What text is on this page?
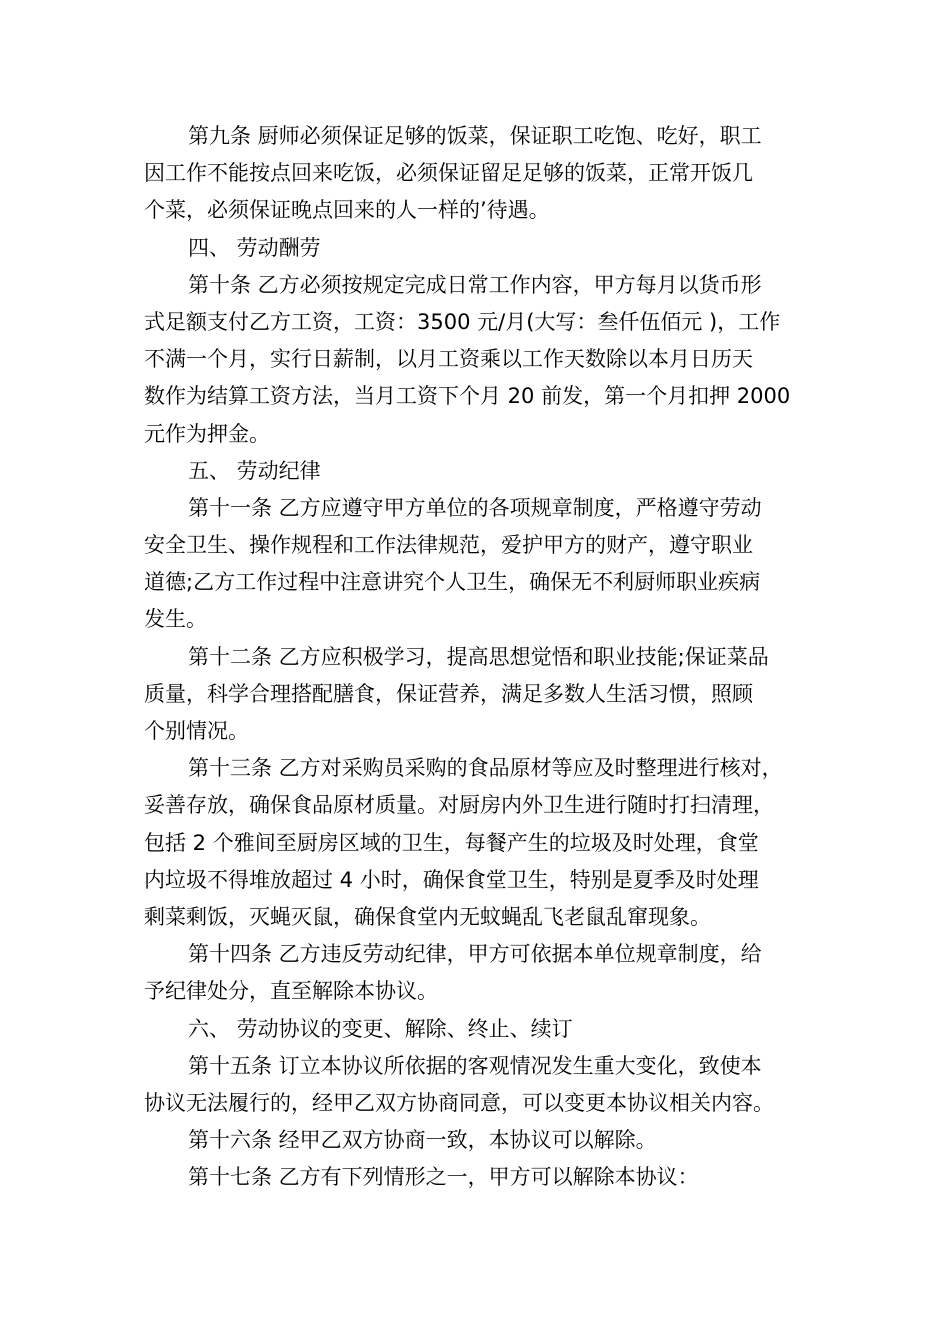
第九条 厨师必须保证足够的饭菜，保证职工吃饱、吃好，职工
因工作不能按点回来吃饭，必须保证留足足够的饭菜，正常开饭几
个菜，必须保证晚点回来的人一样的’待遇。
四、 劳动酬劳
第十条 乙方必须按规定完成日常工作内容，甲方每月以货币形
式足额支付乙方工资，工资：3500 元/月(大写：叁仟伍佰元 )，工作
不满一个月，实行日薪制，以月工资乘以工作天数除以本月日历天
数作为结算工资方法，当月工资下个月 20 前发，第一个月扣押 2000
元作为押金。
五、 劳动纪律
第十一条 乙方应遵守甲方单位的各项规章制度，严格遵守劳动
安全卫生、操作规程和工作法律规范，爱护甲方的财产，遵守职业
道德;乙方工作过程中注意讲究个人卫生，确保无不利厨师职业疾病
发生。
第十二条 乙方应积极学习，提高思想觉悟和职业技能;保证菜品
质量，科学合理搭配膳食，保证营养，满足多数人生活习惯，照顾
个别情况。
第十三条 乙方对采购员采购的食品原材等应及时整理进行核对，
妥善存放，确保食品原材质量。对厨房内外卫生进行随时打扫清理，
包括 2 个雅间至厨房区域的卫生，每餐产生的垃圾及时处理，食堂
内垃圾不得堆放超过 4 小时，确保食堂卫生，特别是夏季及时处理
剩菜剩饭，灭蝇灭鼠，确保食堂内无蚊蝇乱飞老鼠乱窜现象。
第十四条 乙方违反劳动纪律，甲方可依据本单位规章制度，给
予纪律处分，直至解除本协议。
六、 劳动协议的变更、解除、终止、续订
第十五条 订立本协议所依据的客观情况发生重大变化，致使本
协议无法履行的，经甲乙双方协商同意，可以变更本协议相关内容。
第十六条 经甲乙双方协商一致，本协议可以解除。
第十七条 乙方有下列情形之一，甲方可以解除本协议：
